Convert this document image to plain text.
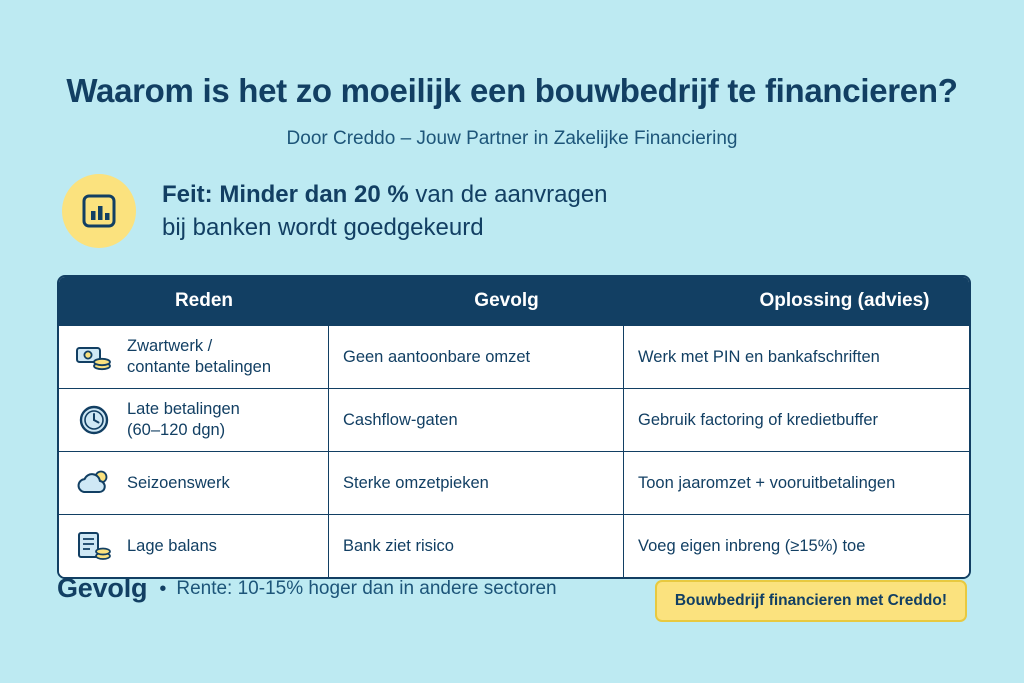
Waarom is het zo moeilijk een bouwbedrijf te financieren?
Door Creddo – Jouw Partner in Zakelijke Financiering
Feit: Minder dan 20 % van de aanvragen
bij banken wordt goedgekeurd
Reden	Gevolg	Oplossing (advies)
Zwartwerk /
contante betalingen
Geen aantoonbare omzet	Werk met PIN en bankafschriften
Late betalingen
(60–120 dgn)
Cashflow-gaten	Gebruik factoring of kredietbuffer
Seizoenswerk	Sterke omzetpieken	Toon jaaromzet + vooruitbetalingen
Lage balans	Bank ziet risico	Voeg eigen inbreng (≥15%) toe
Gevolg • Rente: 10-15% hoger dan in andere sectoren
Bouwbedrijf financieren met Creddo!
